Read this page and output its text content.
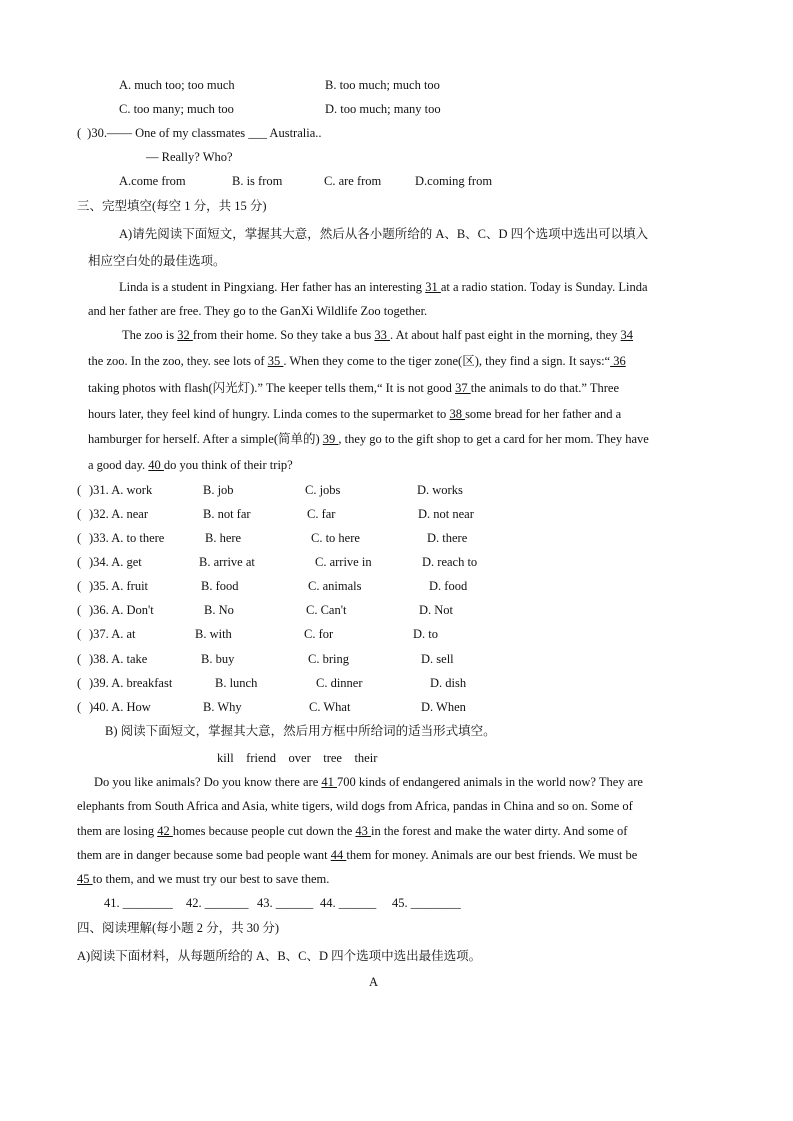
A. much too; too much	B. too much; much too
C. too many; much too	D. too much; many too
( )30.—— One of my classmates ___ Australia..
— Really? Who?
A.come from	B. is from	C. are from	D.coming from
三、完型填空(每空 1 分，共 15 分)
A)请先阅读下面短文，掌握其大意，然后从各小题所给的 A、B、C、D 四个选项中选出可以填入
相应空白处的最佳选项。
Linda is a student in Pingxiang. Her father has an interesting 31 at a radio station. Today is Sunday. Linda
and her father are free. They go to the GanXi Wildlife Zoo together.
The zoo is 32 from their home. So they take a bus 33 . At about half past eight in the morning, they 34
the zoo. In the zoo, they. see lots of 35 . When they come to the tiger zone(区), they find a sign. It says:“ 36
taking photos with flash(闪光灯).” The keeper tells them,“ It is not good 37 the animals to do that.” Three
hours later, they feel kind of hungry. Linda comes to the supermarket to 38 some bread for her father and a
hamburger for herself. After a simple(简单的) 39 , they go to the gift shop to get a card for her mom. They have
a good day. 40 do you think of their trip?
( )31. A. work	B. job	C. jobs	D. works
( )32. A. near	B. not far	C. far	D. not near
( )33. A. to there	B. here	C. to here	D. there
( )34. A. get	B. arrive at	C. arrive in	D. reach to
( )35. A. fruit	B. food	C. animals	D. food
( )36. A. Don't	B. No	C. Can't	D. Not
( )37. A. at	B. with	C. for	D. to
( )38. A. take	B. buy	C. bring	D. sell
( )39. A. breakfast	B. lunch	C. dinner	D. dish
( )40. A. How	B. Why	C. What	D. When
B) 阅读下面短文，掌握其大意，然后用方框中所给词的适当形式填空。
kill    friend    over    tree    their
Do you like animals? Do you know there are 41 700 kinds of endangered animals in the world now? They are
elephants from South Africa and Asia, white tigers, wild dogs from Africa, pandas in China and so on. Some of
them are losing 42 homes because people cut down the 43 in the forest and make the water dirty. And some of
them are in danger because some bad people want 44 them for money. Animals are our best friends. We must be
45 to them, and we must try our best to save them.
41. ________ 42. _______ 43. ______ 44. ______ 45. ________
四、阅读理解(每小题 2 分，共 30 分)
A)阅读下面材料，从每题所给的 A、B、C、D 四个选项中选出最佳选项。
A
